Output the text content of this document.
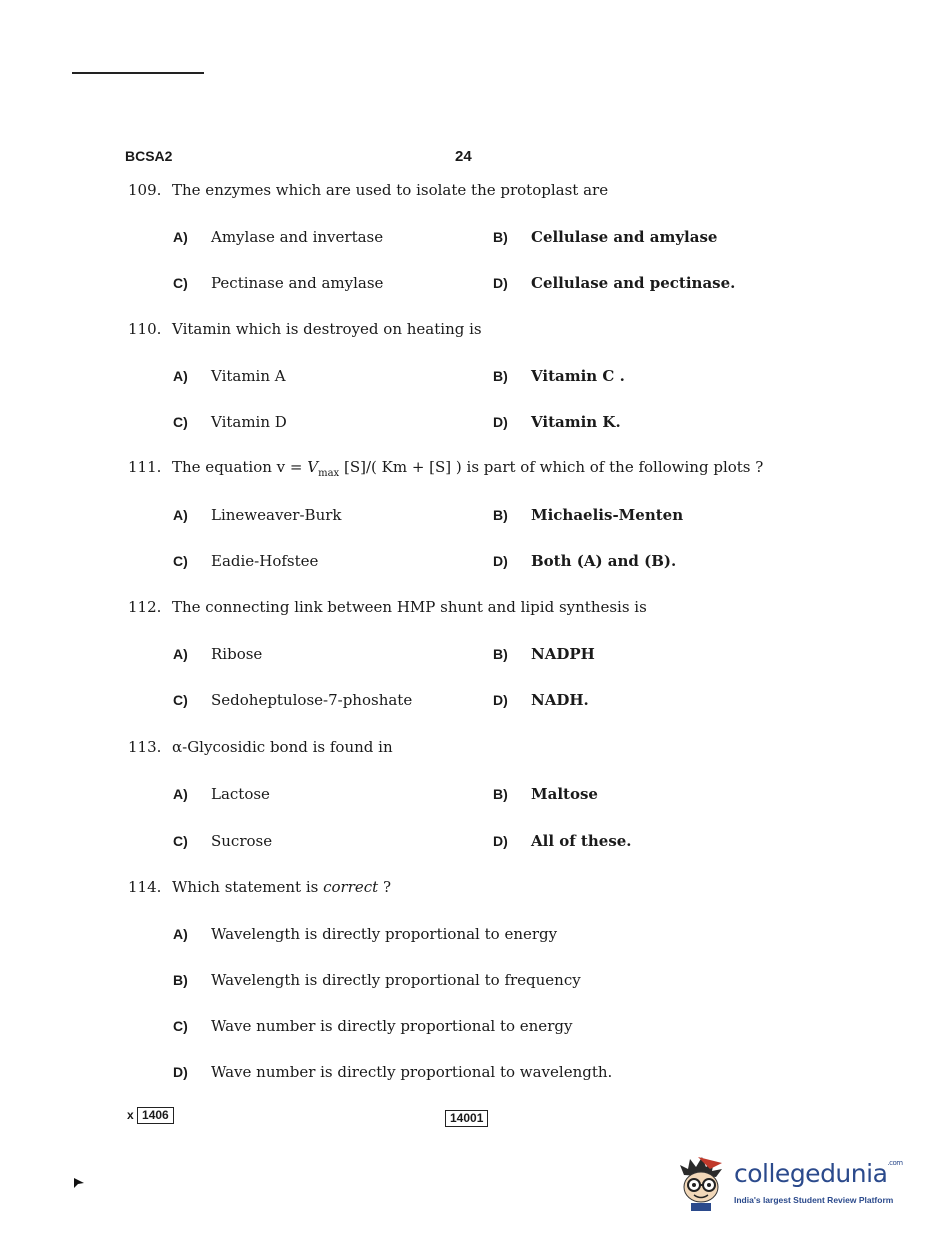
BCSA2	24
109. The enzymes which are used to isolate the protoplast are
A) Amylase and invertase	B) Cellulase and amylase
C) Pectinase and amylase	D) Cellulase and pectinase.
110. Vitamin which is destroyed on heating is
A) Vitamin A	B) Vitamin C .
C) Vitamin D	D) Vitamin K.
111. The equation $v = V_{max}$ [S]/( Km + [S] ) is part of which of the following plots ?
A) Lineweaver-Burk	B) Michaelis-Menten
C) Eadie-Hofstee	D) Both (A) and (B).
112. The connecting link between HMP shunt and lipid synthesis is
A) Ribose	B) NADPH
C) Sedoheptulose-7-phoshate	D) NADH.
113. α-Glycosidic bond is found in
A) Lactose	B) Maltose
C) Sucrose	D) All of these.
114. Which statement is correct ?
A) Wavelength is directly proportional to energy
B) Wavelength is directly proportional to frequency
C) Wave number is directly proportional to energy
D) Wave number is directly proportional to wavelength.
x 1406	14001
collegedunia$^{.com}$
India's largest Student Review Platform
